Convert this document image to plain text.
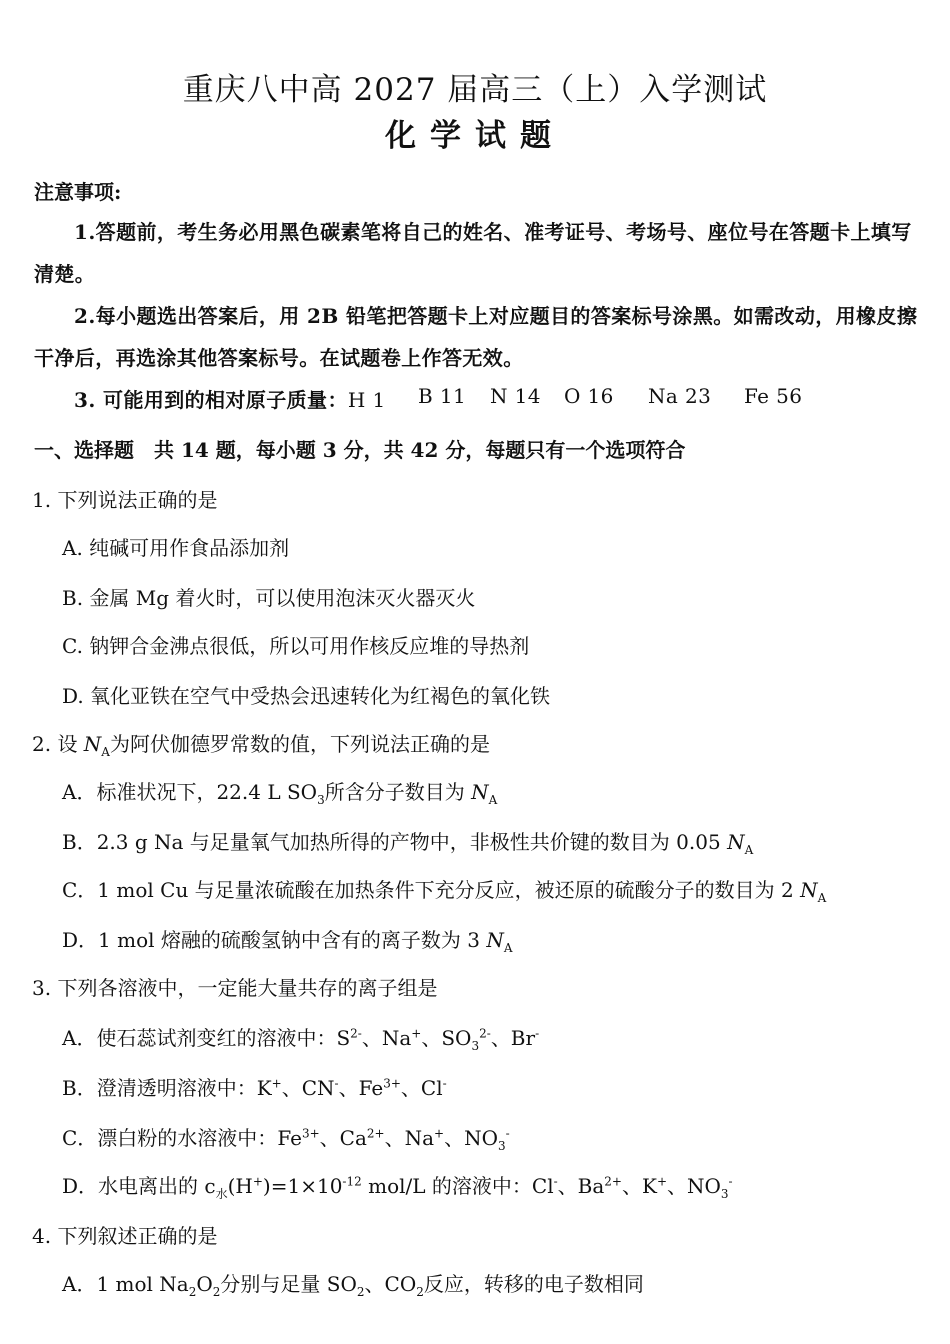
重庆八中高 2027 届高三（上）入学测试
化学试题
注意事项:
1.答题前，考生务必用黑色碳素笔将自己的姓名、准考证号、考场号、座位号在答题卡上填写
清楚。
2.每小题选出答案后，用 2B 铅笔把答题卡上对应题目的答案标号涂黑。如需改动，用橡皮擦
干净后，再选涂其他答案标号。在试题卷上作答无效。
3. 可能用到的相对原子质量：H 1 B 11 N 14 O 16 Na 23 Fe 56
一、选择题　共 14 题，每小题 3 分，共 42 分，每题只有一个选项符合
1. 下列说法正确的是
A. 纯碱可用作食品添加剂
B. 金属 Mg 着火时，可以使用泡沫灭火器灭火
C. 钠钾合金沸点很低，所以可用作核反应堆的导热剂
D. 氧化亚铁在空气中受热会迅速转化为红褐色的氧化铁
2. 设 $N_A$为阿伏伽德罗常数的值，下列说法正确的是
A．标准状况下，22.4 L $SO_3$所含分子数目为 $N_A$
B．2.3 g Na 与足量氧气加热所得的产物中，非极性共价键的数目为 0.05 $N_A$
C．1 mol Cu 与足量浓硫酸在加热条件下充分反应，被还原的硫酸分子的数目为 2 $N_A$
D．1 mol 熔融的硫酸氢钠中含有的离子数为 3 $N_A$
3. 下列各溶液中，一定能大量共存的离子组是
A．使石蕊试剂变红的溶液中：$S^{2-}$、Na+、$SO_3^{2-}$、Br-
B．澄清透明溶液中：K+、CN-、$Fe^{3+}$、Cl-
C．漂白粉的水溶液中：$Fe^{3+}$、$Ca^{2+}$、Na+、$NO_3^-$
D．水电离出的 $c_水(H^+)=1\times 10^{-12}$ mol/L 的溶液中：Cl-、$Ba^{2+}$、K+、$NO_3^-$
4. 下列叙述正确的是
A．1 mol $Na_2O_2$分别与足量 $SO_2$、$CO_2$反应，转移的电子数相同
